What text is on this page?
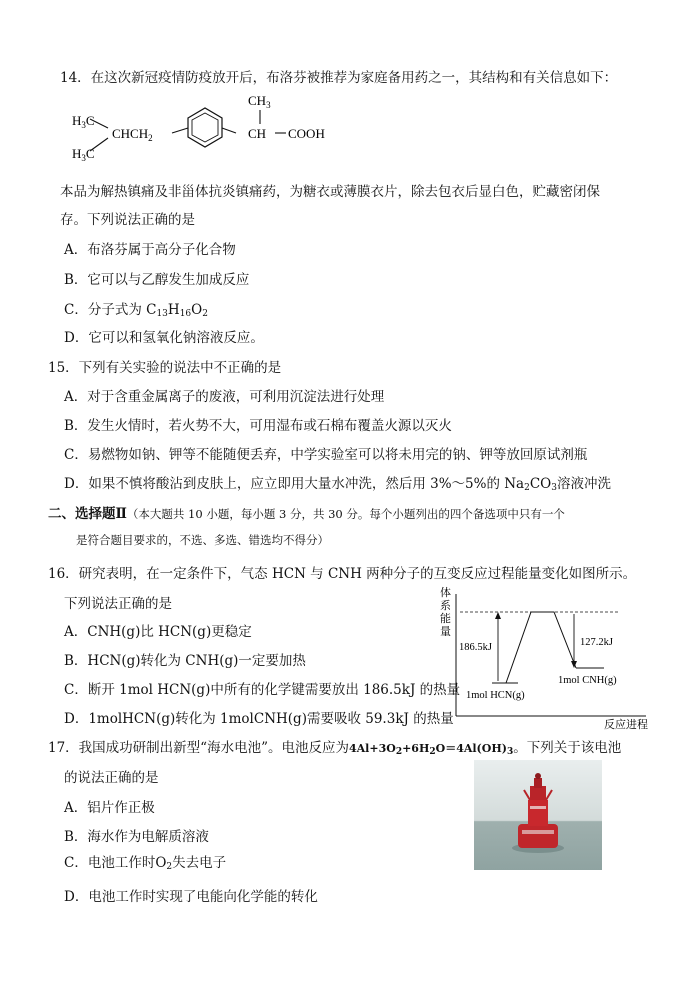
14．在这次新冠疫情防疫放开后，布洛芬被推荐为家庭备用药之一，其结构和有关信息如下：
$CH_3$
$H_3C$
$H_3C$
$CHCH_2$	CH COOH
本品为解热镇痛及非甾体抗炎镇痛药，为糖衣或薄膜衣片，除去包衣后显白色，贮藏密闭保
存。下列说法正确的是
A．布洛芬属于高分子化合物
B．它可以与乙醇发生加成反应
C．分子式为 $C_{13}H_{16}O_2$
D．它可以和氢氧化钠溶液反应。
15．下列有关实验的说法中不正确的是
A．对于含重金属离子的废液，可利用沉淀法进行处理
B．发生火情时，若火势不大，可用湿布或石棉布覆盖火源以灭火
C．易燃物如钠、钾等不能随便丢弃，中学实验室可以将未用完的钠、钾等放回原试剂瓶
D．如果不慎将酸沾到皮肤上，应立即用大量水冲洗，然后用 3%～5%的 $Na_2CO_3$溶液冲洗
二、选择题Ⅱ（本大题共 10 小题，每小题 3 分，共 30 分。每个小题列出的四个备选项中只有一个
是符合题目要求的，不选、多选、错选均不得分）
16．研究表明，在一定条件下，气态 HCN 与 CNH 两种分子的互变反应过程能量变化如图所示。
下列说法正确的是
A．CNH(g)比 HCN(g)更稳定
B．HCN(g)转化为 CNH(g)一定要加热
C．断开 1mol HCN(g)中所有的化学键需要放出 186.5kJ 的热量
D．1molHCN(g)转化为 1molCNH(g)需要吸收 59.3kJ 的热量
体
系
能
量
反应进程
186.5kJ	127.2kJ
1mol HCN(g)
1mol CNH(g)
17．我国成功研制出新型“海水电池”。电池反应为$4Al+3O_2+6H_2O=4Al(OH)_3$。下列关于该电池
的说法正确的是
A．铝片作正极
B．海水作为电解质溶液
C．电池工作时$O_2$失去电子
D．电池工作时实现了电能向化学能的转化
